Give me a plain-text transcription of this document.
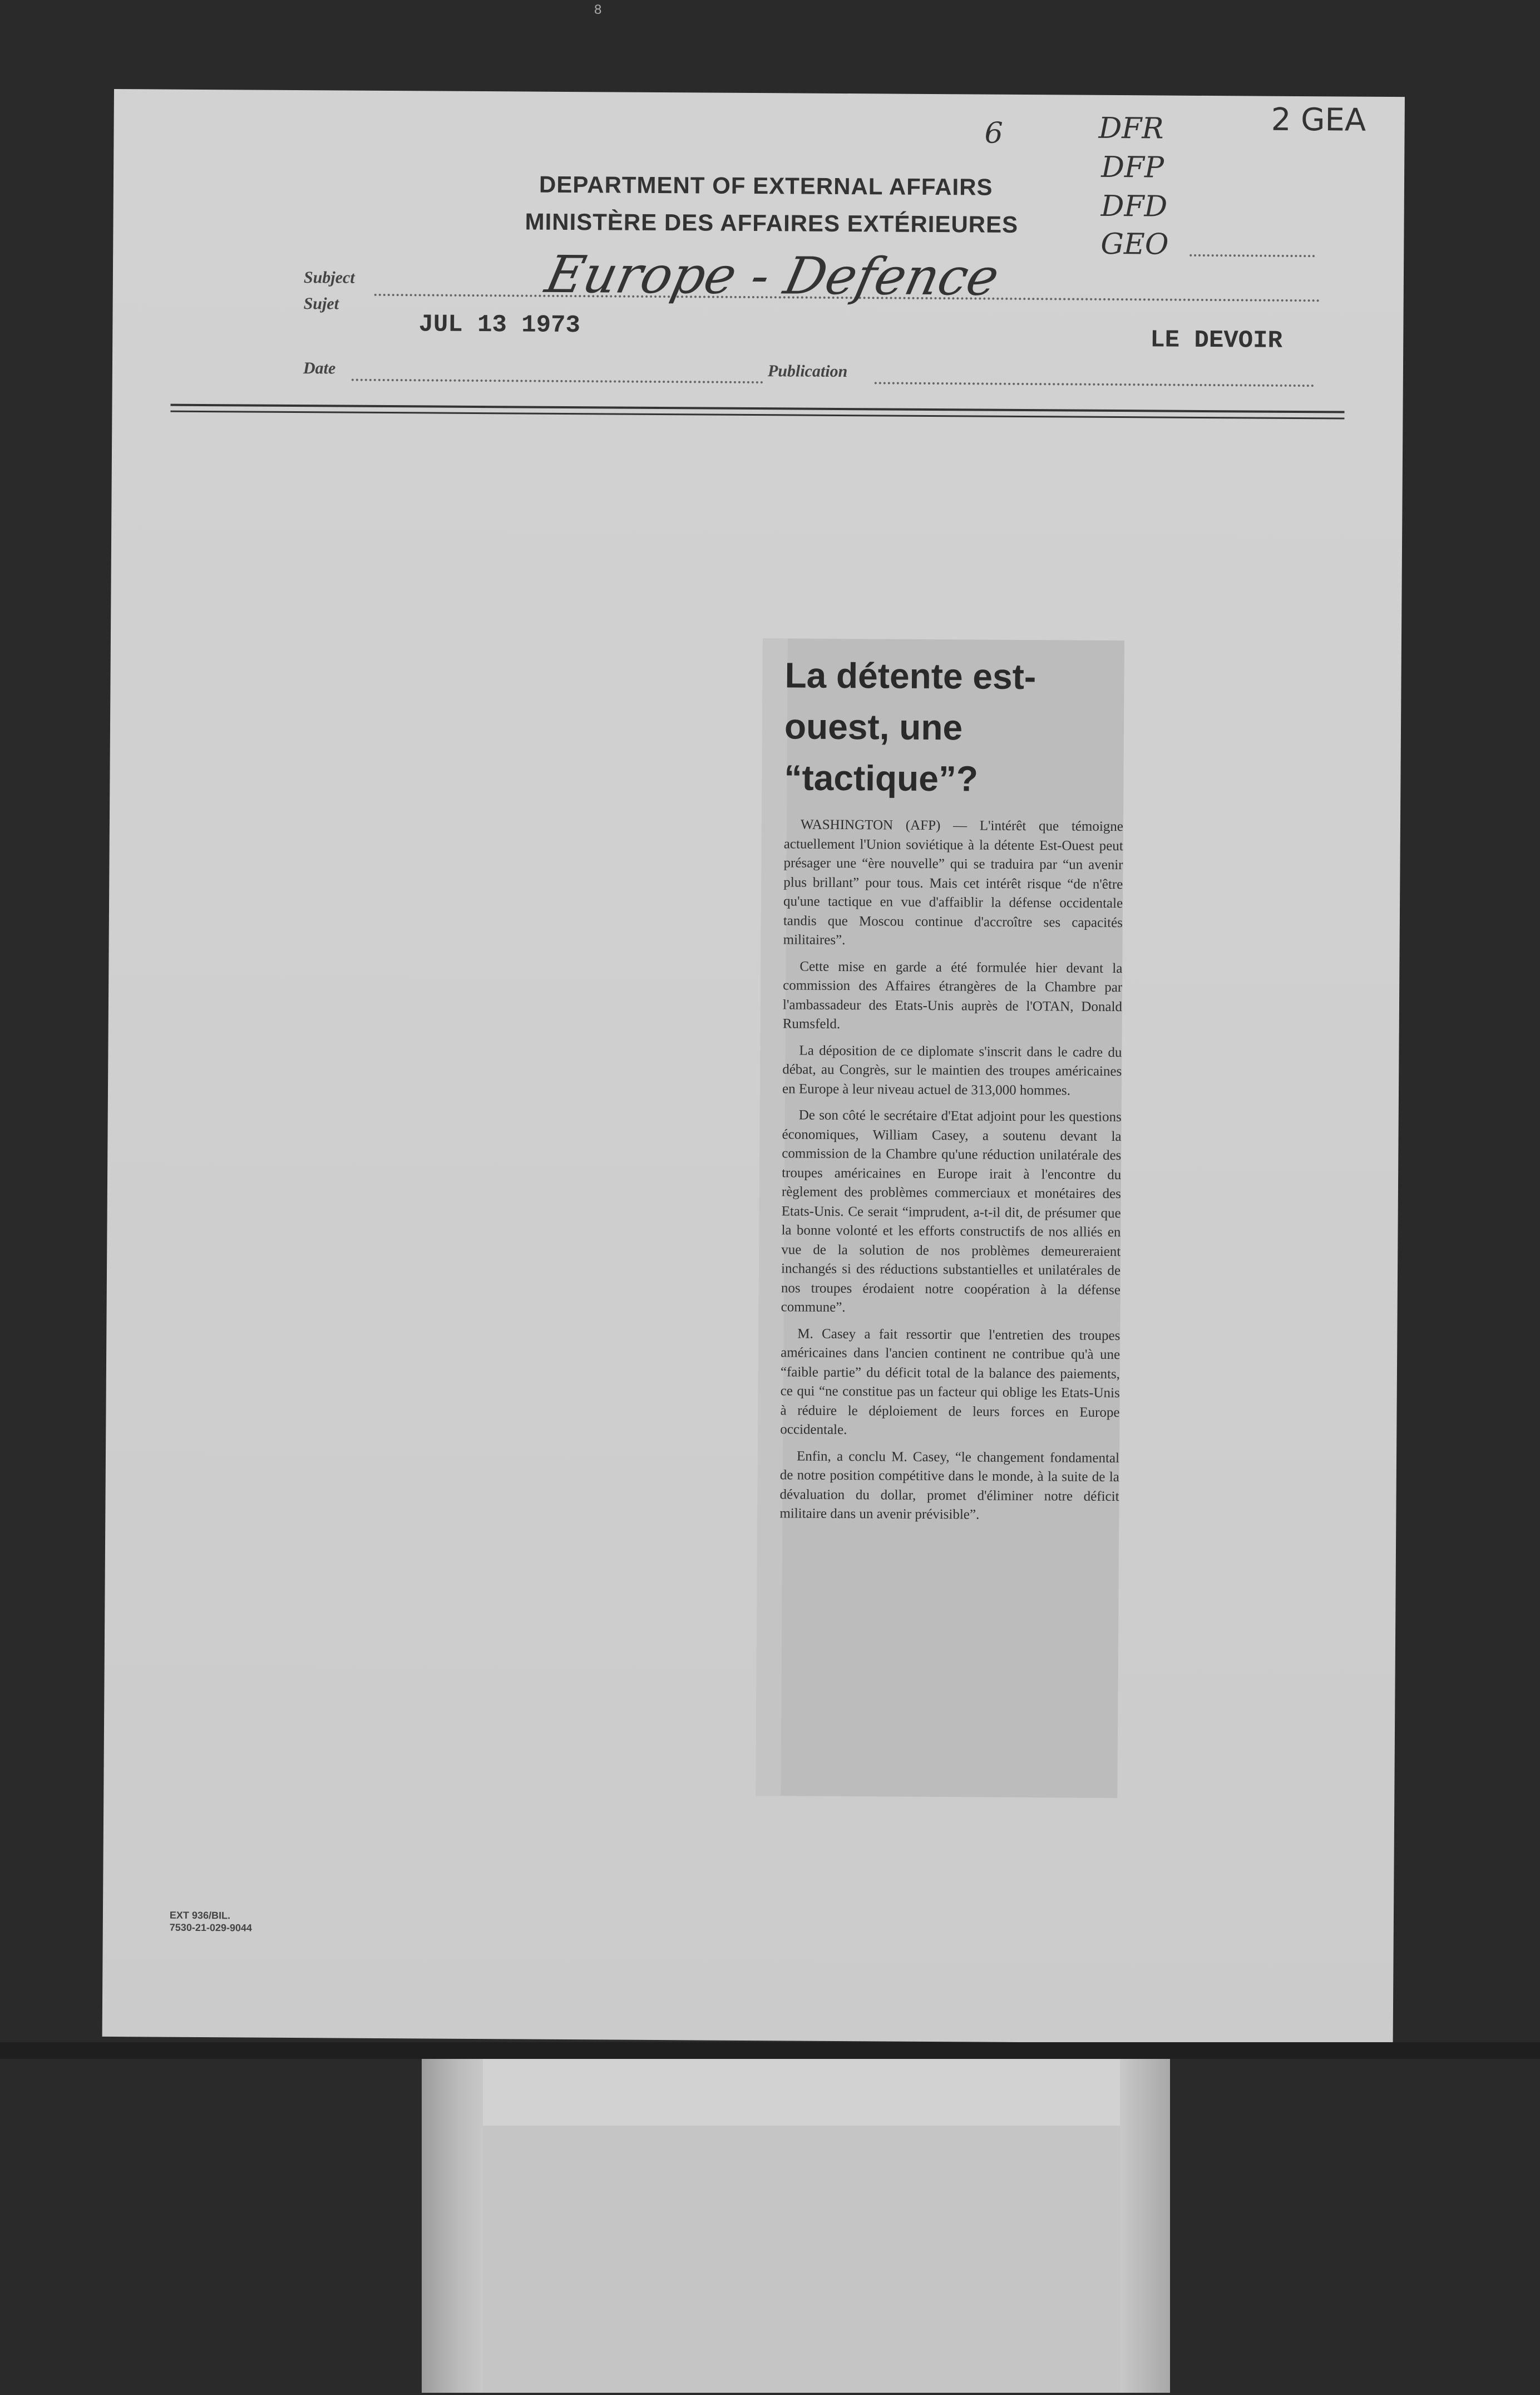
8
DEPARTMENT OF EXTERNAL AFFAIRS
MINISTÈRE DES AFFAIRES EXTÉRIEURES
6	2 GEA
DFR
DFP
DFD
GEO
Subject
Sujet	Europe - Defence
JUL 13 1973
LE DEVOIR
Date	Publication
La détente est-ouest, une “tactique”?

WASHINGTON (AFP) — L'intérêt que témoigne actuellement l'Union soviétique à la détente Est-Ouest peut présager une “ère nouvelle” qui se traduira par “un avenir plus brillant” pour tous. Mais cet intérêt risque “de n'être qu'une tactique en vue d'affaiblir la défense occidentale tandis que Moscou continue d'accroître ses capacités militaires”.

Cette mise en garde a été formulée hier devant la commission des Affaires étrangères de la Chambre par l'ambassadeur des Etats-Unis auprès de l'OTAN, Donald Rumsfeld.

La déposition de ce diplomate s'inscrit dans le cadre du débat, au Congrès, sur le maintien des troupes américaines en Europe à leur niveau actuel de 313,000 hommes.

De son côté le secrétaire d'Etat adjoint pour les questions économiques, William Casey, a soutenu devant la commission de la Chambre qu'une réduction unilatérale des troupes américaines en Europe irait à l'encontre du règlement des problèmes commerciaux et monétaires des Etats-Unis. Ce serait “imprudent, a-t-il dit, de présumer que la bonne volonté et les efforts constructifs de nos alliés en vue de la solution de nos problèmes demeureraient inchangés si des réductions substantielles et unilatérales de nos troupes érodaient notre coopération à la défense commune”.

M. Casey a fait ressortir que l'entretien des troupes américaines dans l'ancien continent ne contribue qu'à une “faible partie” du déficit total de la balance des paiements, ce qui “ne constitue pas un facteur qui oblige les Etats-Unis à réduire le déploiement de leurs forces en Europe occidentale.

Enfin, a conclu M. Casey, “le changement fondamental de notre position compétitive dans le monde, à la suite de la dévaluation du dollar, promet d'éliminer notre déficit militaire dans un avenir prévisible”.

EXT 936/BIL.
7530-21-029-9044
